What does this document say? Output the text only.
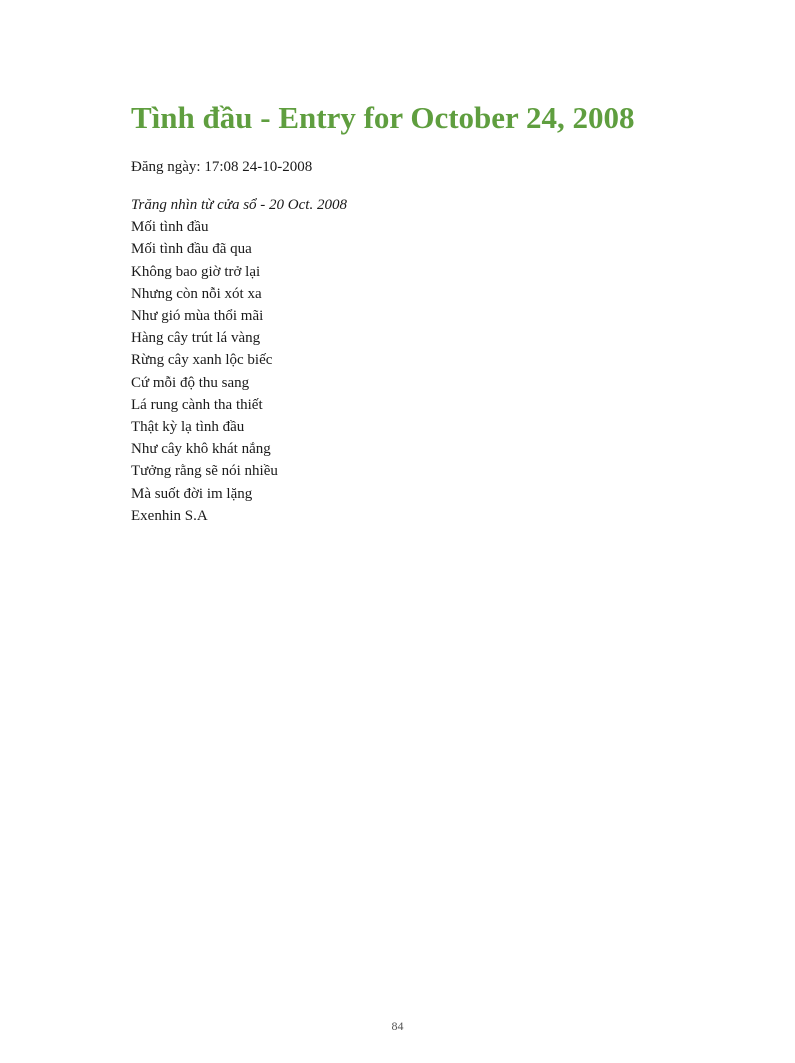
Tình đầu - Entry for October 24, 2008
Đăng ngày: 17:08 24-10-2008
Trăng nhìn từ cửa sổ - 20 Oct. 2008
Mối tình đầu
Mối tình đầu đã qua
Không bao giờ trở lại
Nhưng còn nỗi xót xa
Như gió mùa thổi mãi
Hàng cây trút lá vàng
Rừng cây xanh lộc biếc
Cứ mỗi độ thu sang
Lá rung cành tha thiết
Thật kỳ lạ tình đầu
Như cây khô khát nắng
Tưởng rằng sẽ nói nhiều
Mà suốt đời im lặng
Exenhin S.A
84
